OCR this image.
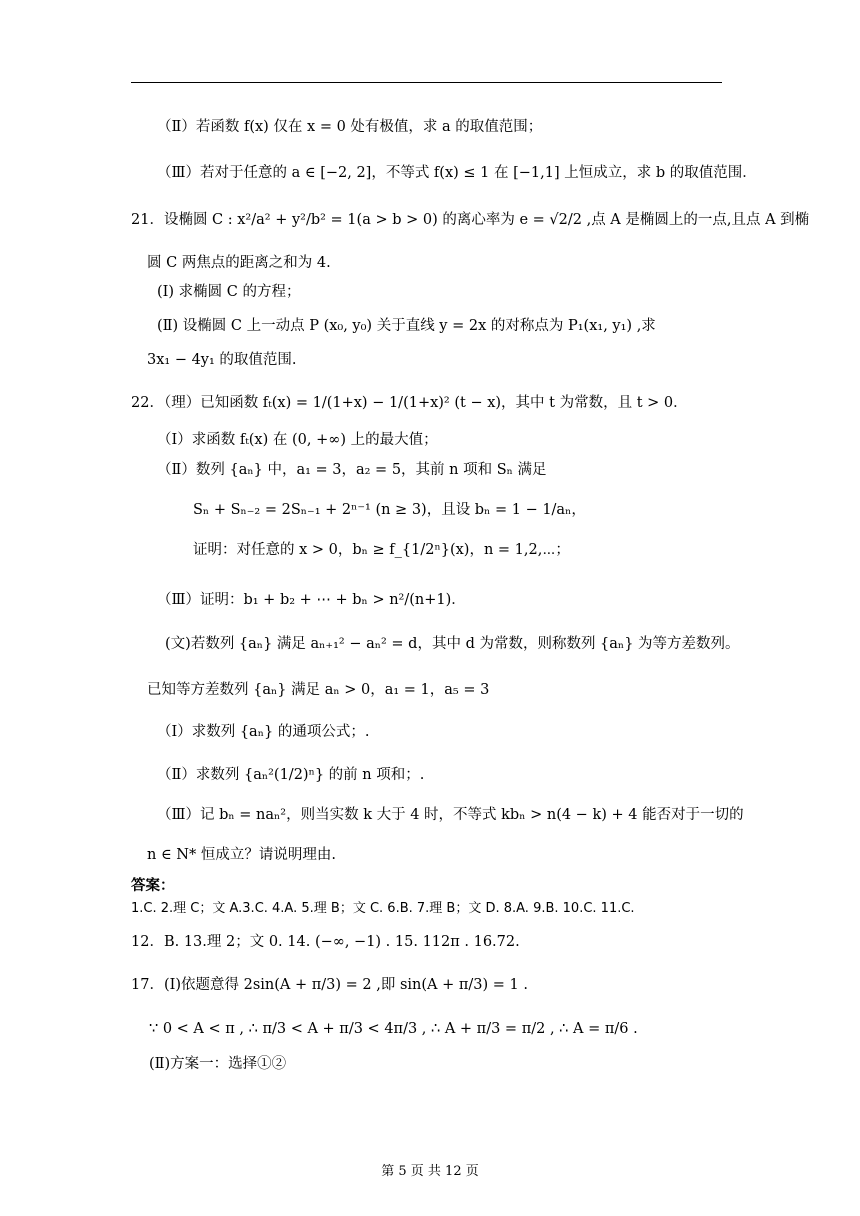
（Ⅱ）若函数 f(x) 仅在 x = 0 处有极值，求 a 的取值范围；
（Ⅲ）若对于任意的 a ∈ [−2, 2]，不等式 f(x) ≤ 1 在 [−1,1] 上恒成立，求 b 的取值范围．
21．设椭圆 C : x²/a² + y²/b² = 1(a > b > 0) 的离心率为 e = √2/2 ,点 A 是椭圆上的一点,且点 A 到椭
圆 C 两焦点的距离之和为 4.
(Ⅰ) 求椭圆 C 的方程；
(Ⅱ) 设椭圆 C 上一动点 P (x₀, y₀) 关于直线 y = 2x 的对称点为 P₁(x₁, y₁) ,求
3x₁ − 4y₁ 的取值范围.
22．（理）已知函数 fₜ(x) = 1/(1+x) − 1/(1+x)² (t − x)，其中 t 为常数，且 t > 0．
（Ⅰ）求函数 fₜ(x) 在 (0, +∞) 上的最大值；
（Ⅱ）数列 {aₙ} 中，a₁ = 3，a₂ = 5，其前 n 项和 Sₙ 满足
Sₙ + Sₙ₋₂ = 2Sₙ₋₁ + 2ⁿ⁻¹ (n ≥ 3)，且设 bₙ = 1 − 1/aₙ，
证明：对任意的 x > 0，bₙ ≥ f_{1/2ⁿ}(x)，n = 1,2,⋯；
（Ⅲ）证明：b₁ + b₂ + ⋯ + bₙ > n²/(n+1)．
(文)若数列 {aₙ} 满足 aₙ₊₁² − aₙ² = d，其中 d 为常数，则称数列 {aₙ} 为等方差数列。
已知等方差数列 {aₙ} 满足 aₙ > 0，a₁ = 1，a₅ = 3
（Ⅰ）求数列 {aₙ} 的通项公式；.
（Ⅱ）求数列 {aₙ²(1/2)ⁿ} 的前 n 项和；.
（Ⅲ）记 bₙ = naₙ²，则当实数 k 大于 4 时，不等式 kbₙ > n(4 − k) + 4 能否对于一切的
n ∈ N* 恒成立？请说明理由.
答案：
1.C. 2.理 C；文 A.3.C. 4.A. 5.理 B；文 C. 6.B. 7.理 B；文 D. 8.A. 9.B. 10.C. 11.C.
12．B. 13.理 2；文 0. 14. (−∞, −1) . 15. 112π . 16.72.
17．(Ⅰ)依题意得 2sin(A + π/3) = 2 ,即 sin(A + π/3) = 1 .
∵ 0 < A < π , ∴ π/3 < A + π/3 < 4π/3 , ∴ A + π/3 = π/2 , ∴ A = π/6 .
(Ⅱ)方案一：选择①②
第 5 页 共 12 页
